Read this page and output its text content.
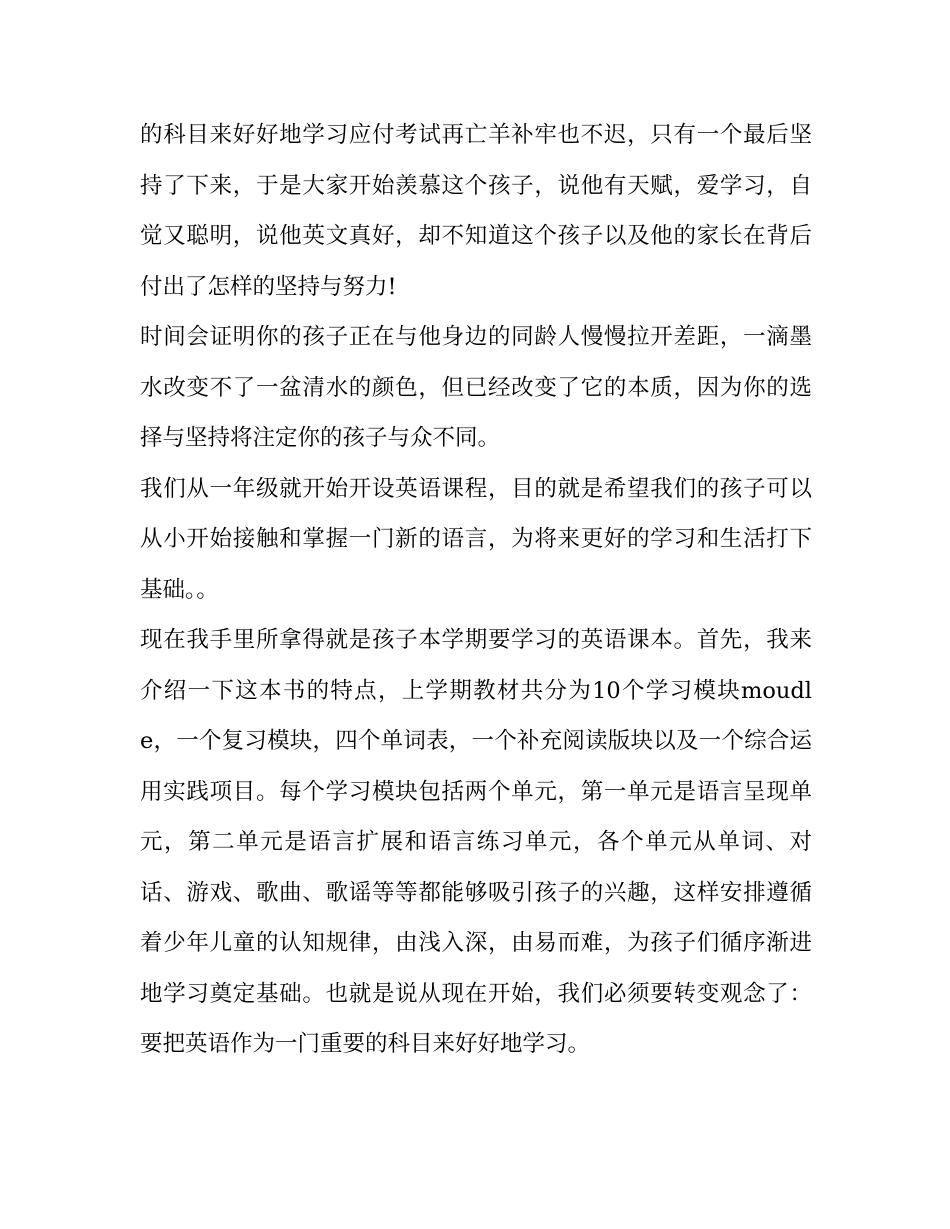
的科目来好好地学习应付考试再亡羊补牢也不迟，只有一个最后坚持了下来，于是大家开始羡慕这个孩子，说他有天赋，爱学习，自觉又聪明，说他英文真好，却不知道这个孩子以及他的家长在背后付出了怎样的坚持与努力!

时间会证明你的孩子正在与他身边的同龄人慢慢拉开差距，一滴墨水改变不了一盆清水的颜色，但已经改变了它的本质，因为你的选择与坚持将注定你的孩子与众不同。

我们从一年级就开始开设英语课程，目的就是希望我们的孩子可以从小开始接触和掌握一门新的语言，为将来更好的学习和生活打下基础。。

现在我手里所拿得就是孩子本学期要学习的英语课本。首先，我来介绍一下这本书的特点，上学期教材共分为10个学习模块moudle，一个复习模块，四个单词表，一个补充阅读版块以及一个综合运用实践项目。每个学习模块包括两个单元，第一单元是语言呈现单元，第二单元是语言扩展和语言练习单元，各个单元从单词、对话、游戏、歌曲、歌谣等等都能够吸引孩子的兴趣，这样安排遵循着少年儿童的认知规律，由浅入深，由易而难，为孩子们循序渐进地学习奠定基础。也就是说从现在开始，我们必须要转变观念了：要把英语作为一门重要的科目来好好地学习。
